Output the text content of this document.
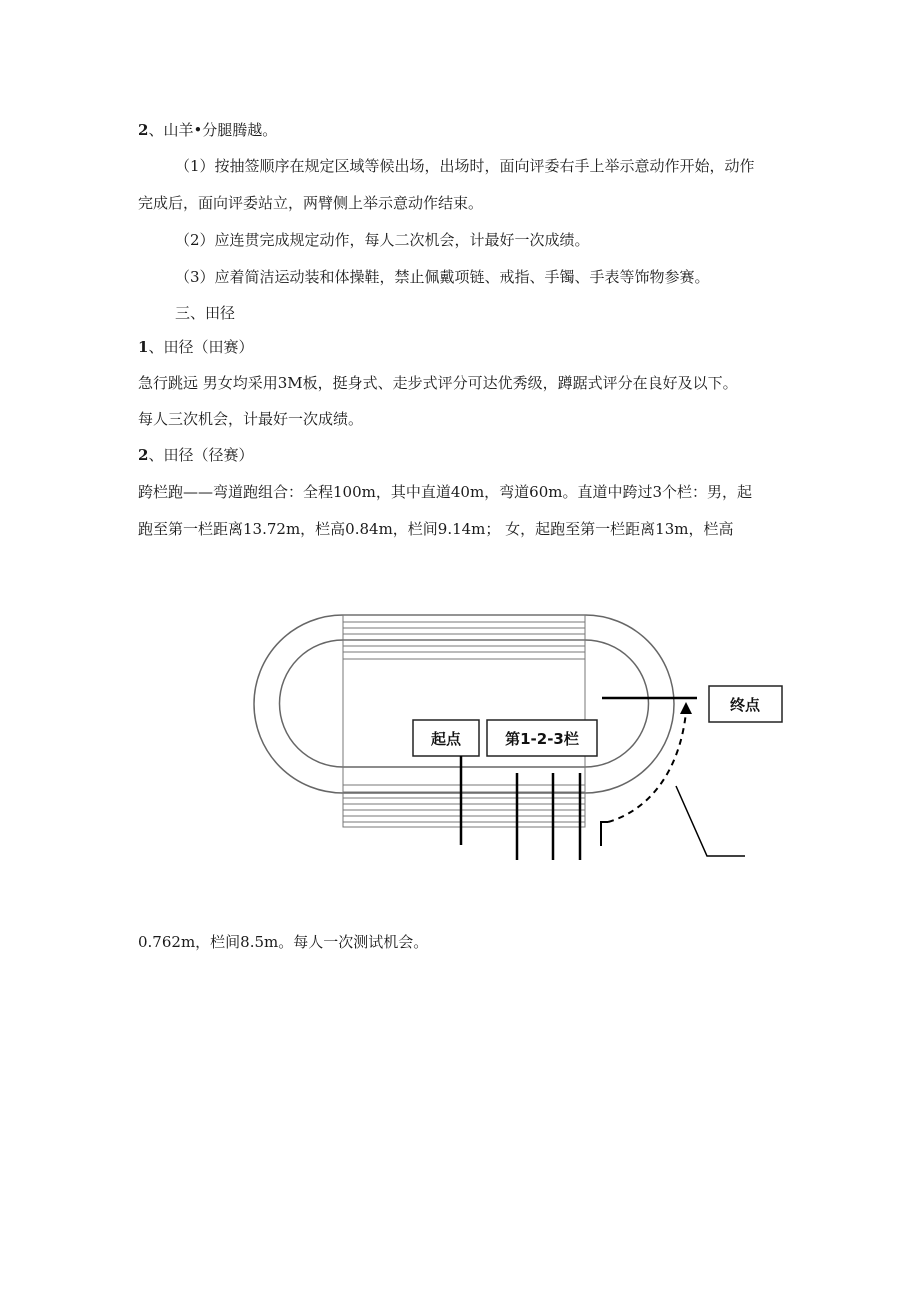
2、山羊•分腿腾越。
（1）按抽签顺序在规定区域等候出场，出场时，面向评委右手上举示意动作开始，动作
完成后，面向评委站立，两臂侧上举示意动作结束。
（2）应连贯完成规定动作，每人二次机会，计最好一次成绩。
（3）应着简洁运动装和体操鞋，禁止佩戴项链、戒指、手镯、手表等饰物参赛。
三、田径
1、田径（田赛）
急行跳远 男女均采用3M板，挺身式、走步式评分可达优秀级，蹲踞式评分在良好及以下。
每人三次机会，计最好一次成绩。
2、田径（径赛）
跨栏跑——弯道跑组合：全程100m，其中直道40m，弯道60m。直道中跨过3个栏：男，起
跑至第一栏距离13.72m，栏高0.84m，栏间9.14m； 女，起跑至第一栏距离13m，栏高
0.762m，栏间8.5m。每人一次测试机会。
起点	第1-2-3栏
终点
